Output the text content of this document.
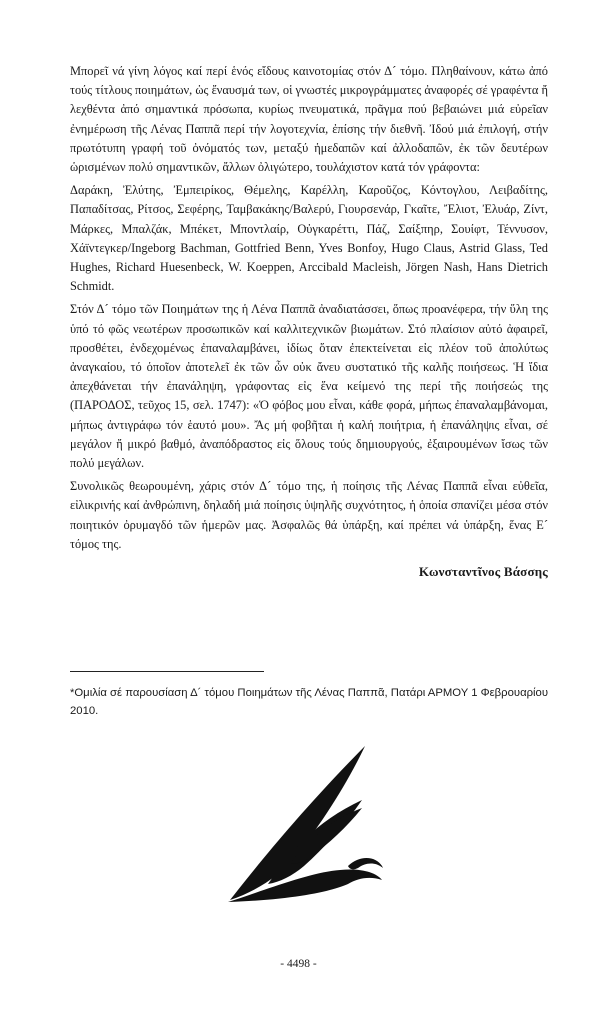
Μπορεῖ νά γίνη λόγος καί περί ἑνός εἴδους καινοτομίας στόν Δ´ τόμο. Πληθαίνουν, κάτω ἀπό τούς τίτλους ποιημάτων, ὡς ἔναυσμά των, οἱ γνωστές μικρογράμματες ἀναφορές σέ γραφέντα ἤ λεχθέντα ἀπό σημαντικά πρόσωπα, κυρίως πνευματικά, πρᾶγμα πού βεβαιώνει μιά εὐρεῖαν ἐνημέρωση τῆς Λένας Παππᾶ περί τήν λογοτεχνία, ἐπίσης τήν διεθνῆ. Ἰδού μιά ἐπιλογή, στήν πρωτότυπη γραφή τοῦ ὀνόματός των, μεταξύ ἡμεδαπῶν καί ἀλλοδαπῶν, ἐκ τῶν δευτέρων ὡρισμένων πολύ σημαντικῶν, ἄλλων ὀλιγώτερο, τουλάχιστον κατά τόν γράφοντα:

Δαράκη, Ἐλύτης, Ἐμπειρίκος, Θέμελης, Καρέλλη, Καροῦζος, Κόντογλου, Λειβαδίτης, Παπαδίτσας, Ρίτσος, Σεφέρης, Ταμβακάκης/Βαλερύ, Γιουρσενάρ, Γκαῖτε, Ἔλιοτ, Ἐλυάρ, Ζίντ, Μάρκες, Μπαλζάκ, Μπέκετ, Μποντλαίρ, Οὐγκαρέττι, Πάζ, Σαίξπηρ, Σουίφτ, Τέννυσον, Χάϊντεγκερ/Ingeborg Bachman, Gottfried Benn, Yves Bonfoy, Hugo Claus, Astrid Glass, Ted Hughes, Richard Huesenbeck, W. Koeppen, Arccibald Macleish, Jörgen Nash, Hans Dietrich Schmidt.

Στόν Δ´ τόμο τῶν Ποιημάτων της ἡ Λένα Παππᾶ ἀναδιατάσσει, ὅπως προανέφερα, τήν ὕλη της ὑπό τό φῶς νεωτέρων προσωπικῶν καί καλλιτεχνικῶν βιωμάτων. Στό πλαίσιον αὐτό ἀφαιρεῖ, προσθέτει, ἐνδεχομένως ἐπαναλαμβάνει, ἰδίως ὅταν ἐπεκτείνεται εἰς πλέον τοῦ ἀπολύτως ἀναγκαίου, τό ὁποῖον ἀποτελεῖ ἐκ τῶν ὧν οὐκ ἄνευ συστατικό τῆς καλῆς ποιήσεως. Ἡ ἴδια ἀπεχθάνεται τήν ἐπανάληψη, γράφοντας εἰς ἕνα κείμενό της περί τῆς ποιήσεώς της (ΠΑΡΟΔΟΣ, τεῦχος 15, σελ. 1747): «Ὁ φόβος μου εἶναι, κάθε φορά, μήπως ἐπαναλαμβάνομαι, μήπως ἀντιγράφω τόν ἑαυτό μου». Ἄς μή φοβῆται ἡ καλή ποιήτρια, ἡ ἐπανάληψις εἶναι, σέ μεγάλον ἤ μικρό βαθμό, ἀναπόδραστος εἰς ὅλους τούς δημιουργούς, ἐξαιρουμένων ἴσως τῶν πολύ μεγάλων.

Συνολικῶς θεωρουμένη, χάρις στόν Δ´ τόμο της, ἡ ποίησις τῆς Λένας Παππᾶ εἶναι εὐθεῖα, εἰλικρινής καί ἀνθρώπινη, δηλαδή μιά ποίησις ὑψηλῆς συχνότητος, ἡ ὁποία σπανίζει μέσα στόν ποιητικόν ὀρυμαγδό τῶν ἡμερῶν μας. Ἀσφαλῶς θά ὑπάρξη, καί πρέπει νά ὑπάρξη, ἕνας Ε´ τόμος της.

Κωνσταντῖνος Βάσσης
*Ομιλία σέ παρουσίαση Δ´ τόμου Ποιημάτων τῆς Λένας Παππᾶ, Πατάρι ΑΡΜΟΥ 1 Φεβρουαρίου 2010.
- 4498 -
